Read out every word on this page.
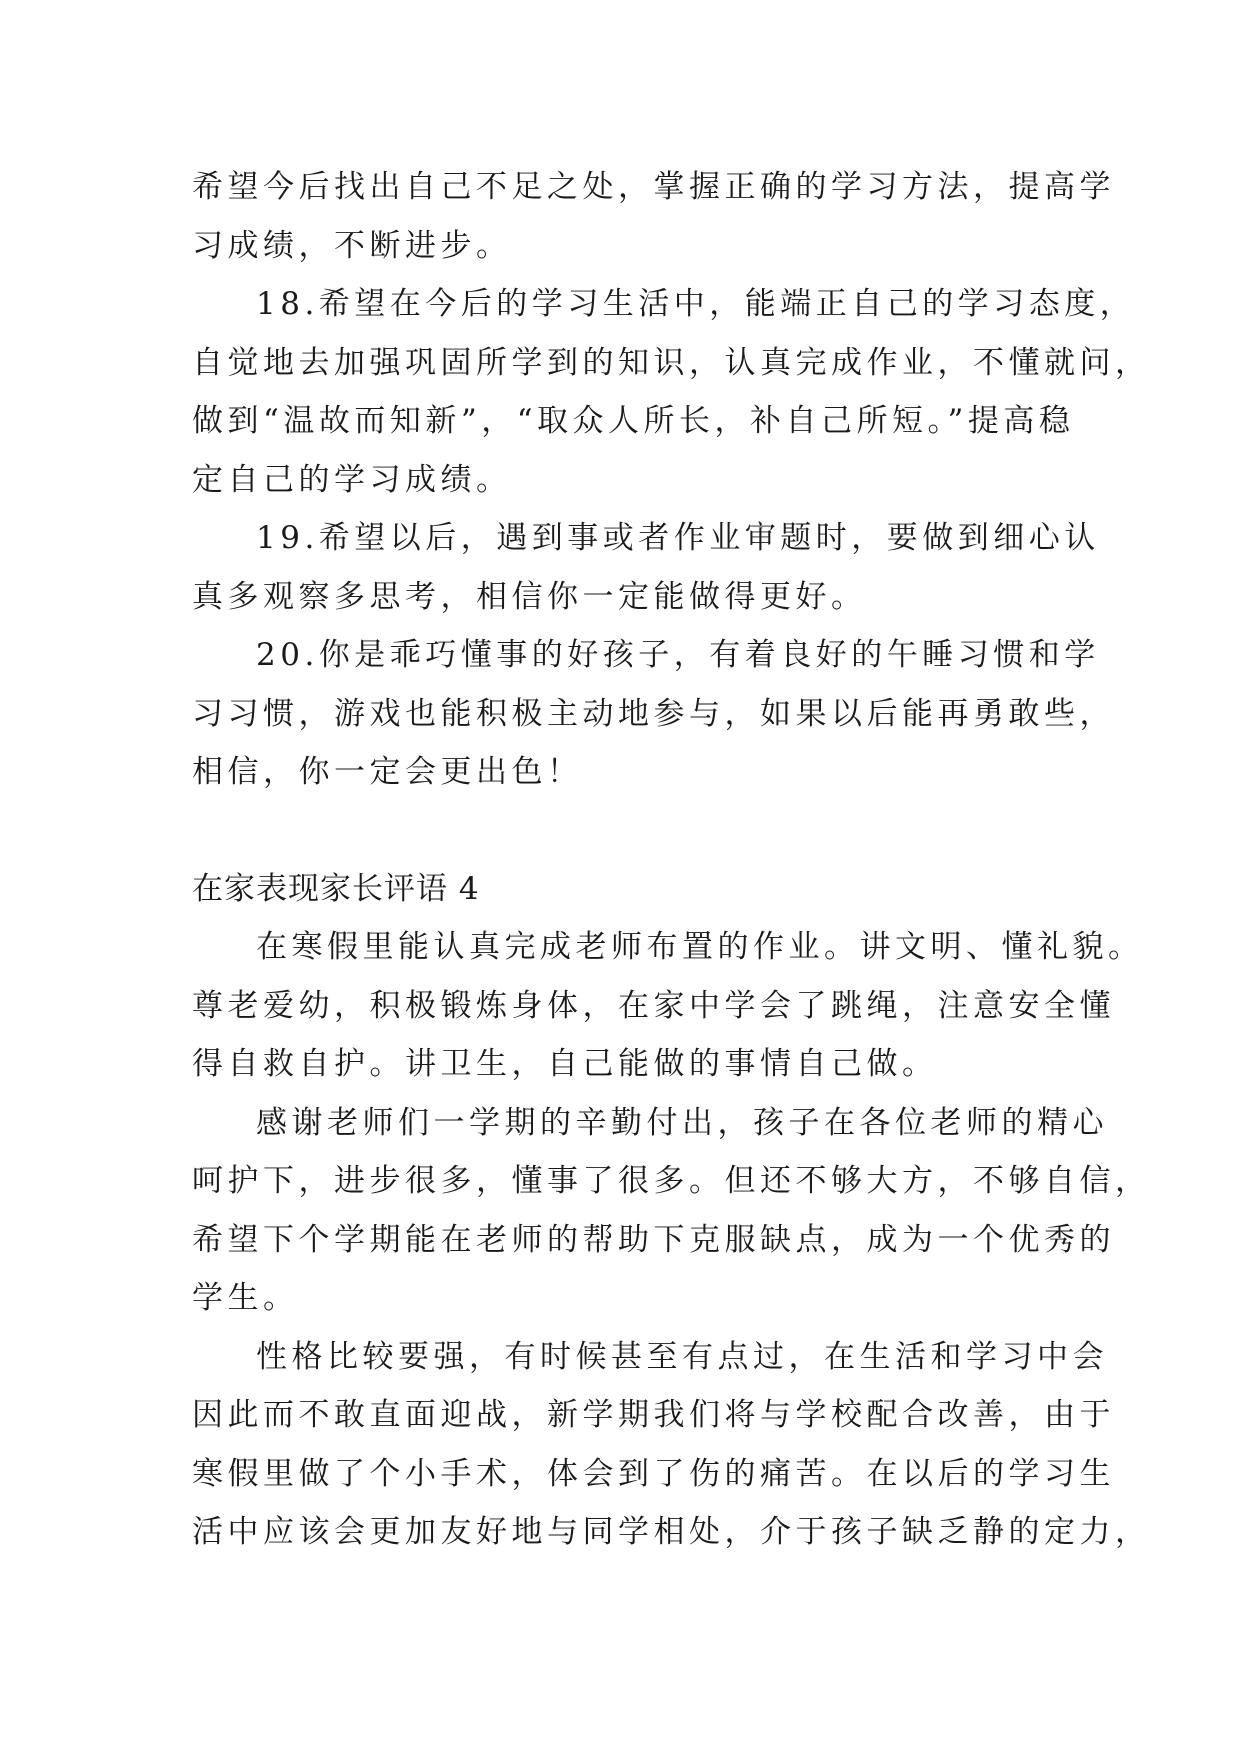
希望今后找出自己不足之处，掌握正确的学习方法，提高学

习成绩，不断进步。

18.希望在今后的学习生活中，能端正自己的学习态度，

自觉地去加强巩固所学到的知识，认真完成作业，不懂就问，

做到“温故而知新”，“取众人所长，补自己所短。”提高稳

定自己的学习成绩。

19.希望以后，遇到事或者作业审题时，要做到细心认

真多观察多思考，相信你一定能做得更好。

20.你是乖巧懂事的好孩子，有着良好的午睡习惯和学

习习惯，游戏也能积极主动地参与，如果以后能再勇敢些，

相信，你一定会更出色！

在家表现家长评语 4

在寒假里能认真完成老师布置的作业。讲文明、懂礼貌。

尊老爱幼，积极锻炼身体，在家中学会了跳绳，注意安全懂

得自救自护。讲卫生，自己能做的事情自己做。

感谢老师们一学期的辛勤付出，孩子在各位老师的精心

呵护下，进步很多，懂事了很多。但还不够大方，不够自信，

希望下个学期能在老师的帮助下克服缺点，成为一个优秀的

学生。

性格比较要强，有时候甚至有点过，在生活和学习中会

因此而不敢直面迎战，新学期我们将与学校配合改善，由于

寒假里做了个小手术，体会到了伤的痛苦。在以后的学习生

活中应该会更加友好地与同学相处，介于孩子缺乏静的定力，
